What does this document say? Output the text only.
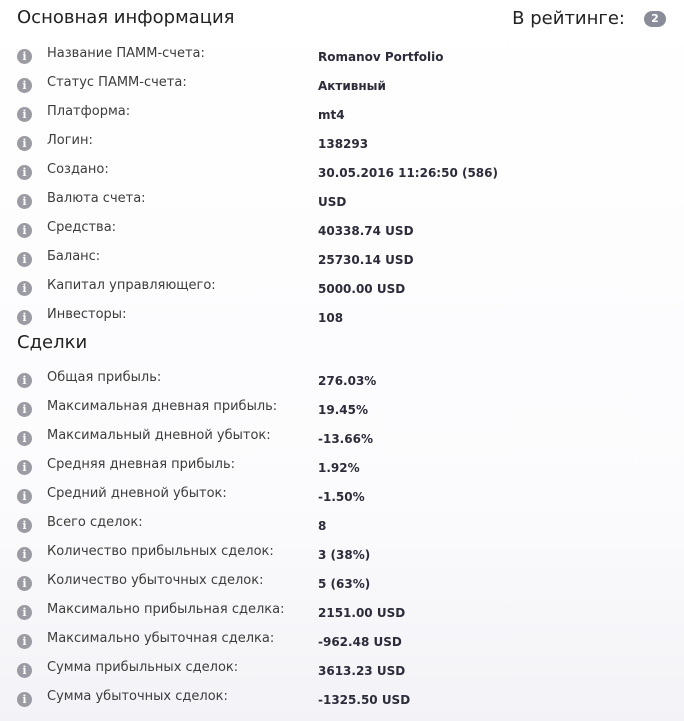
Основная информация	В рейтинге:	2
i	Название ПАММ-счета:	Romanov Portfolio
i	Статус ПАММ-счета:	Активный
i	Платформа:	mt4
i	Логин:	138293
i	Создано:	30.05.2016 11:26:50 (586)
i	Валюта счета:	USD
i	Средства:	40338.74 USD
i	Баланс:	25730.14 USD
i	Капитал управляющего:	5000.00 USD
i	Инвесторы:	108
Сделки
i	Общая прибыль:	276.03%
i	Максимальная дневная прибыль:	19.45%
i	Максимальный дневной убыток:	-13.66%
i	Средняя дневная прибыль:	1.92%
i	Средний дневной убыток:	-1.50%
i	Всего сделок:	8
i	Количество прибыльных сделок:	3 (38%)
i	Количество убыточных сделок:	5 (63%)
i	Максимально прибыльная сделка:	2151.00 USD
i	Максимально убыточная сделка:	-962.48 USD
i	Сумма прибыльных сделок:	3613.23 USD
i	Сумма убыточных сделок:	-1325.50 USD
